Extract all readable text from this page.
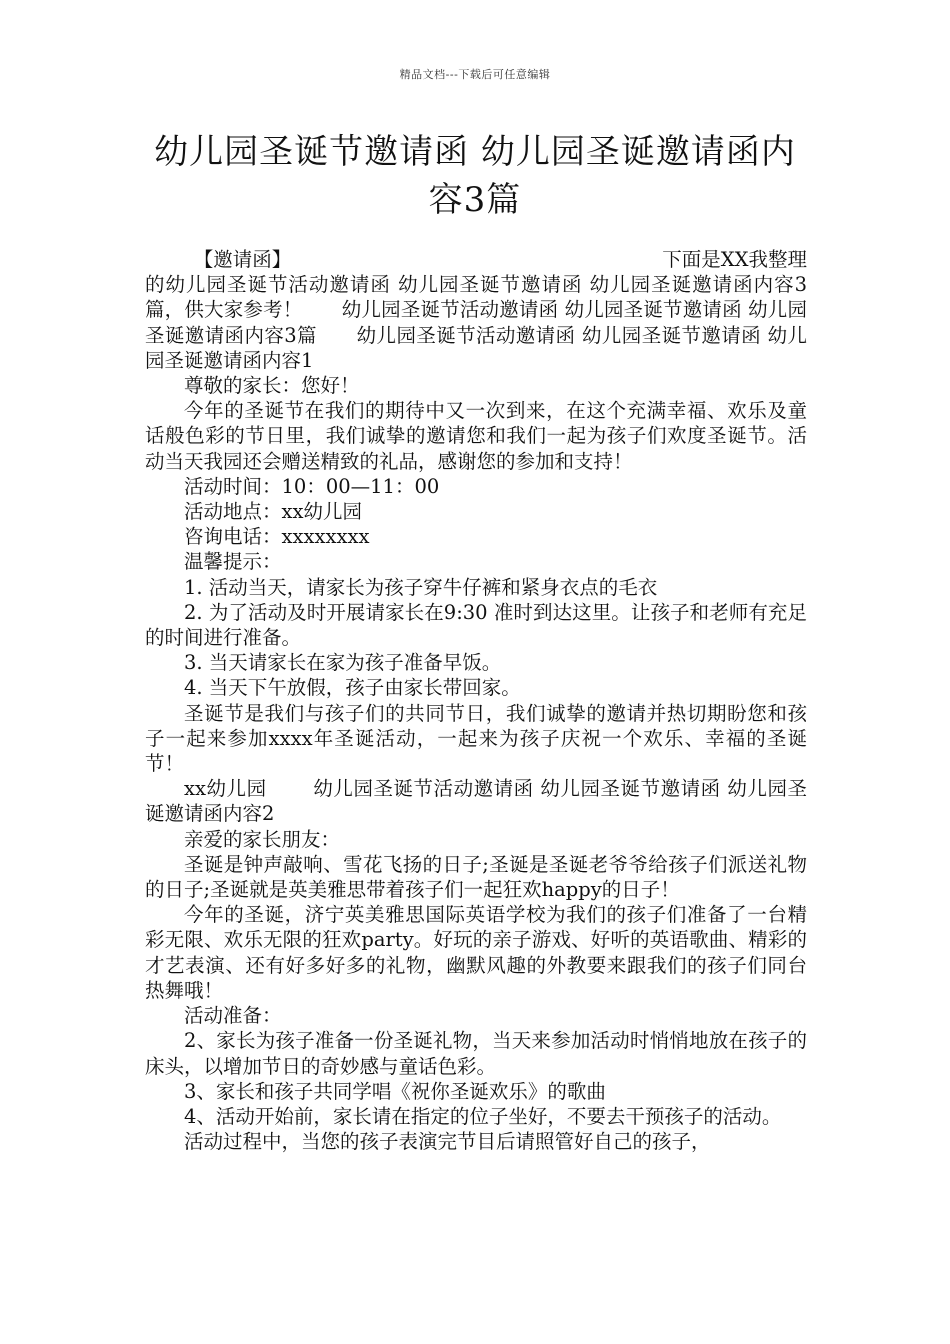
精品文档---下载后可任意编辑
幼儿园圣诞节邀请函 幼儿园圣诞邀请函内容3篇
【邀请函】	下面是XX我整理

的幼儿园圣诞节活动邀请函 幼儿园圣诞节邀请函 幼儿园圣诞邀请函内容3篇，供大家参考！　　幼儿园圣诞节活动邀请函 幼儿园圣诞节邀请函 幼儿园圣诞邀请函内容3篇　　幼儿园圣诞节活动邀请函 幼儿园圣诞节邀请函 幼儿园圣诞邀请函内容1

尊敬的家长：您好！

今年的圣诞节在我们的期待中又一次到来，在这个充满幸福、欢乐及童话般色彩的节日里，我们诚挚的邀请您和我们一起为孩子们欢度圣诞节。活动当天我园还会赠送精致的礼品，感谢您的参加和支持！

活动时间：10：00—11：00

活动地点：xx幼儿园

咨询电话：xxxxxxxx

温馨提示：

1. 活动当天，请家长为孩子穿牛仔裤和紧身衣点的毛衣

2. 为了活动及时开展请家长在9:30 准时到达这里。让孩子和老师有充足的时间进行准备。

3. 当天请家长在家为孩子准备早饭。

4. 当天下午放假，孩子由家长带回家。

圣诞节是我们与孩子们的共同节日，我们诚挚的邀请并热切期盼您和孩子一起来参加xxxx年圣诞活动，一起来为孩子庆祝一个欢乐、幸福的圣诞节！

xx幼儿园　　 幼儿园圣诞节活动邀请函 幼儿园圣诞节邀请函 幼儿园圣诞邀请函内容2

亲爱的家长朋友：

圣诞是钟声敲响、雪花飞扬的日子;圣诞是圣诞老爷爷给孩子们派送礼物的日子;圣诞就是英美雅思带着孩子们一起狂欢happy的日子！

今年的圣诞，济宁英美雅思国际英语学校为我们的孩子们准备了一台精彩无限、欢乐无限的狂欢party。好玩的亲子游戏、好听的英语歌曲、精彩的才艺表演、还有好多好多的礼物，幽默风趣的外教要来跟我们的孩子们同台热舞哦！

活动准备：

2、家长为孩子准备一份圣诞礼物，当天来参加活动时悄悄地放在孩子的床头，以增加节日的奇妙感与童话色彩。

3、家长和孩子共同学唱《祝你圣诞欢乐》的歌曲

4、活动开始前，家长请在指定的位子坐好，不要去干预孩子的活动。

活动过程中，当您的孩子表演完节目后请照管好自己的孩子，
